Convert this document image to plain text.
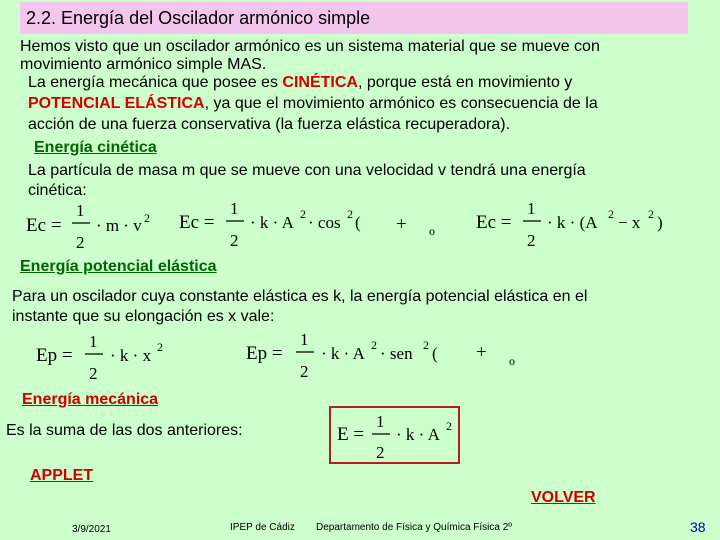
2.2. Energía del Oscilador armónico simple
Hemos visto que un oscilador armónico es un sistema material que se mueve con
movimiento armónico simple MAS.
La energía mecánica que posee es CINÉTICA, porque está en movimiento y
POTENCIAL ELÁSTICA, ya que el movimiento armónico es consecuencia de la
acción de una fuerza conservativa (la fuerza elástica recuperadora).
Energía cinética
La partícula de masa m que se mueve con una velocidad v tendrá una energía
cinética:
Ec =
1
2
· m · v 2 Ec =
1
2
· k · A 2 · cos 2 ( + o Ec =
1
2
· k · (A 2 − x 2 )
Energía potencial elástica
Para un oscilador cuya constante elástica es k, la energía potencial elástica en el
instante que su elongación es x vale:
Ep =
1
2
· k · x 2	Ep =
1
2
· k · A 2 · sen 2 ( + o
Energía mecánica
Es la suma de las dos anteriores:	E =
1
2
· k · A 2
APPLET
VOLVER
3/9/2021	IPEP de Cádiz Departamento de Física y Química Física 2º	38
